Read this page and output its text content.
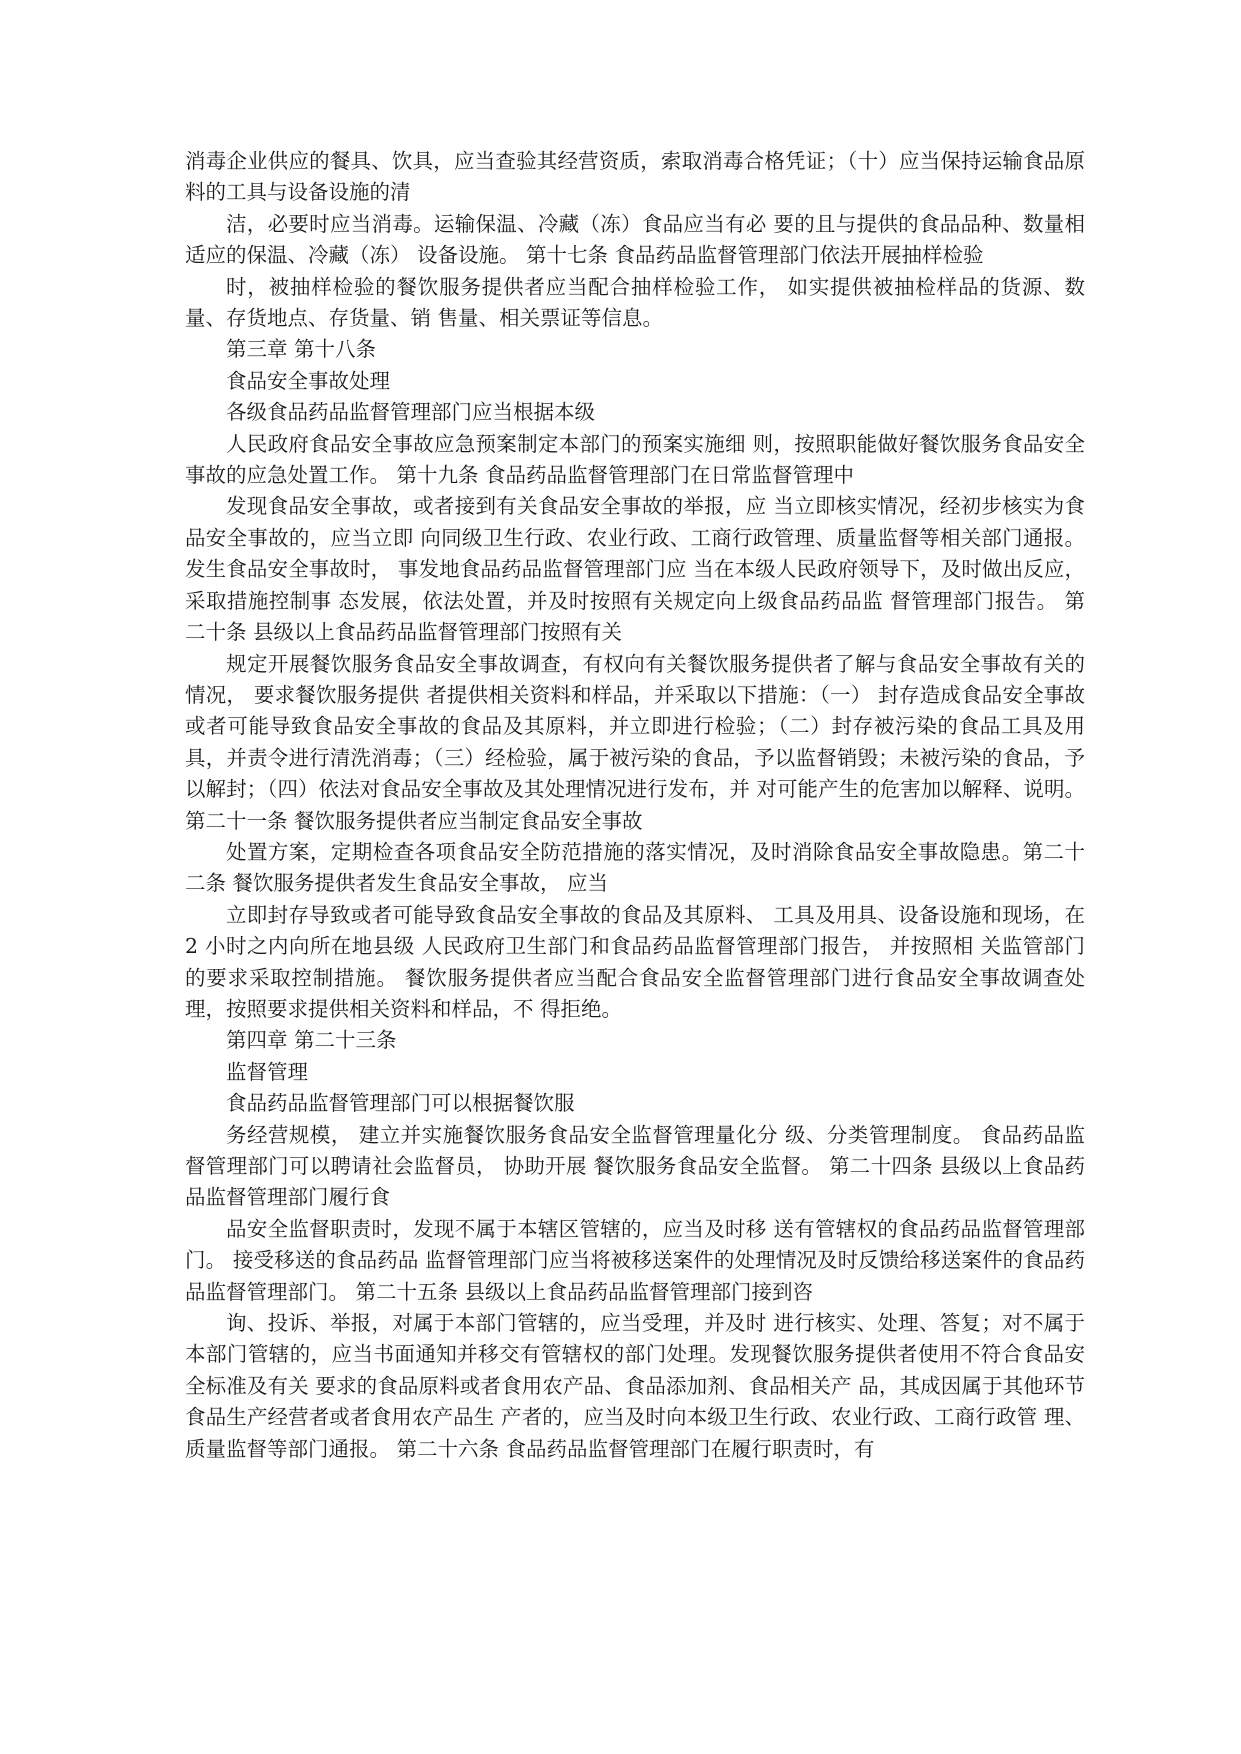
消毒企业供应的餐具、饮具，应当查验其经营资质，索取消毒合格凭证；（十）应当保持运输食品原料的工具与设备设施的清

洁，必要时应当消毒。运输保温、冷藏（冻）食品应当有必 要的且与提供的食品品种、数量相适应的保温、冷藏（冻） 设备设施。 第十七条 食品药品监督管理部门依法开展抽样检验

时，被抽样检验的餐饮服务提供者应当配合抽样检验工作， 如实提供被抽检样品的货源、数量、存货地点、存货量、销 售量、相关票证等信息。

第三章 第十八条

食品安全事故处理

各级食品药品监督管理部门应当根据本级

人民政府食品安全事故应急预案制定本部门的预案实施细 则，按照职能做好餐饮服务食品安全事故的应急处置工作。 第十九条 食品药品监督管理部门在日常监督管理中

发现食品安全事故，或者接到有关食品安全事故的举报，应 当立即核实情况，经初步核实为食品安全事故的，应当立即 向同级卫生行政、农业行政、工商行政管理、质量监督等相关部门通报。 发生食品安全事故时， 事发地食品药品监督管理部门应 当在本级人民政府领导下，及时做出反应，采取措施控制事 态发展，依法处置，并及时按照有关规定向上级食品药品监 督管理部门报告。 第二十条 县级以上食品药品监督管理部门按照有关

规定开展餐饮服务食品安全事故调查，有权向有关餐饮服务提供者了解与食品安全事故有关的情况， 要求餐饮服务提供 者提供相关资料和样品，并采取以下措施：（一） 封存造成食品安全事故或者可能导致食品安全事故的食品及其原料，并立即进行检验；（二）封存被污染的食品工具及用具，并责令进行清洗消毒；（三）经检验，属于被污染的食品，予以监督销毁；未被污染的食品，予以解封；（四）依法对食品安全事故及其处理情况进行发布，并 对可能产生的危害加以解释、说明。 第二十一条 餐饮服务提供者应当制定食品安全事故

处置方案，定期检查各项食品安全防范措施的落实情况，及时消除食品安全事故隐患。第二十二条 餐饮服务提供者发生食品安全事故， 应当

立即封存导致或者可能导致食品安全事故的食品及其原料、 工具及用具、设备设施和现场，在 2 小时之内向所在地县级 人民政府卫生部门和食品药品监督管理部门报告， 并按照相 关监管部门的要求采取控制措施。 餐饮服务提供者应当配合食品安全监督管理部门进行食品安全事故调查处理，按照要求提供相关资料和样品，不 得拒绝。

第四章 第二十三条

监督管理

食品药品监督管理部门可以根据餐饮服

务经营规模， 建立并实施餐饮服务食品安全监督管理量化分 级、分类管理制度。 食品药品监督管理部门可以聘请社会监督员， 协助开展 餐饮服务食品安全监督。 第二十四条 县级以上食品药品监督管理部门履行食

品安全监督职责时，发现不属于本辖区管辖的，应当及时移 送有管辖权的食品药品监督管理部门。 接受移送的食品药品 监督管理部门应当将被移送案件的处理情况及时反馈给移送案件的食品药品监督管理部门。 第二十五条 县级以上食品药品监督管理部门接到咨

询、投诉、举报，对属于本部门管辖的，应当受理，并及时 进行核实、处理、答复；对不属于本部门管辖的，应当书面通知并移交有管辖权的部门处理。发现餐饮服务提供者使用不符合食品安全标准及有关 要求的食品原料或者食用农产品、食品添加剂、食品相关产 品，其成因属于其他环节食品生产经营者或者食用农产品生 产者的，应当及时向本级卫生行政、农业行政、工商行政管 理、质量监督等部门通报。 第二十六条 食品药品监督管理部门在履行职责时，有
